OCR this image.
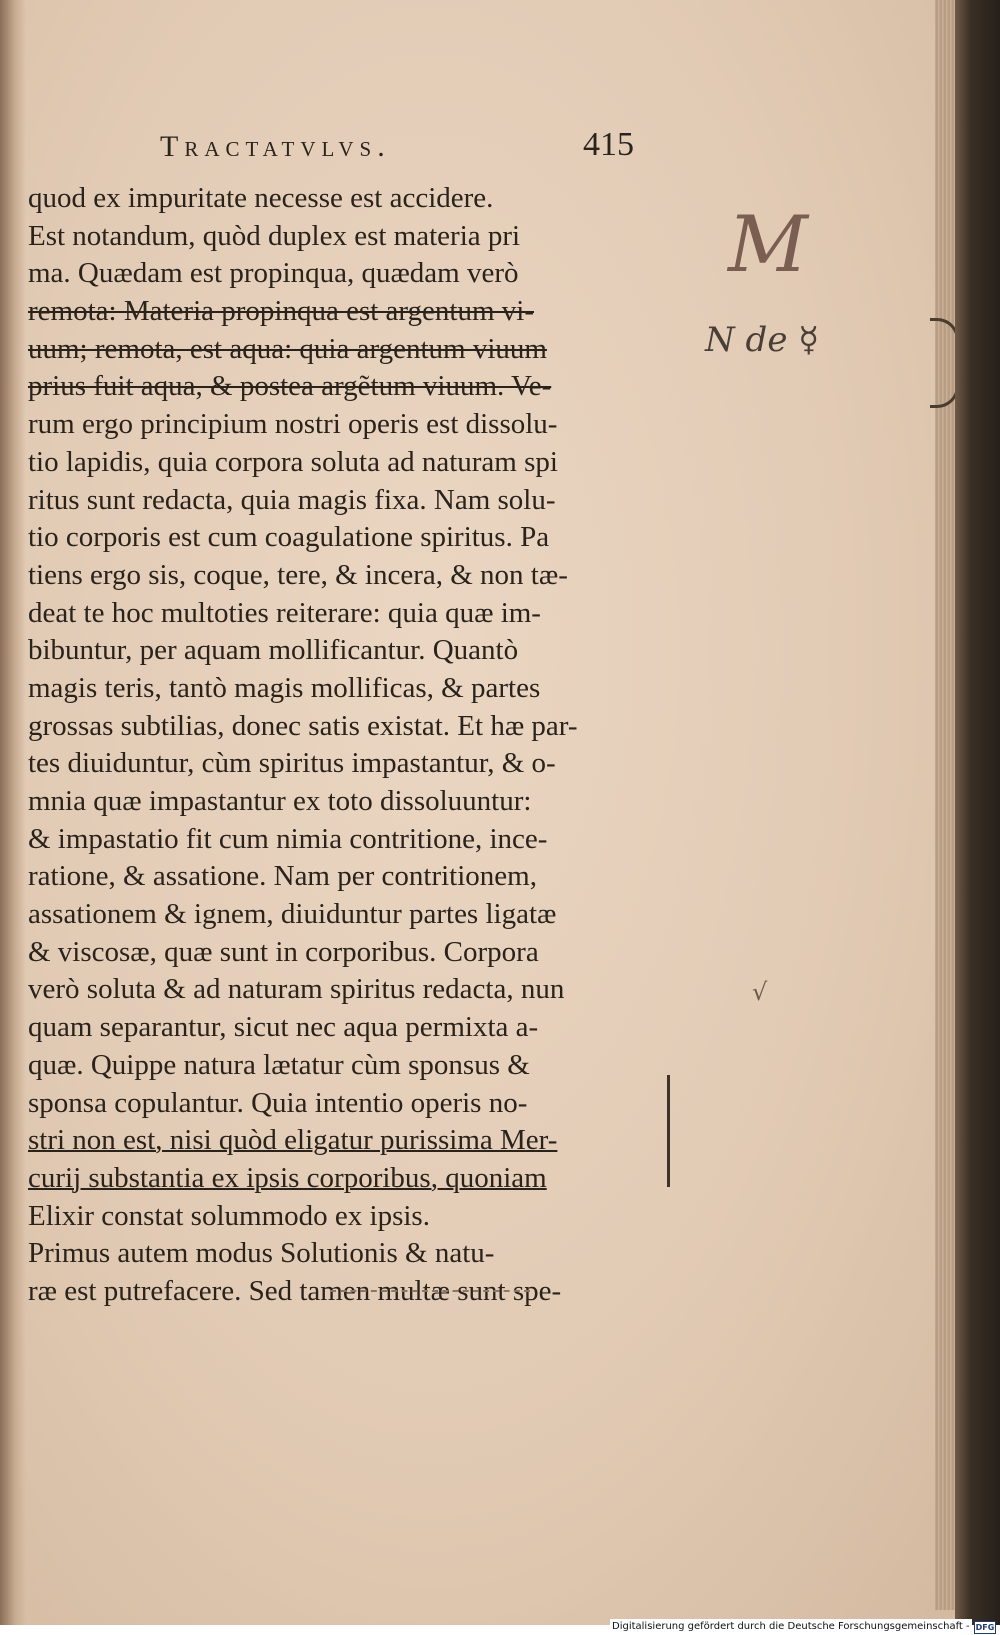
Tractatvlvs.	415
quod ex impuritate necesse est accidere.
Est notandum, quòd duplex est materia pri
ma. Quædam est propinqua, quædam verò
remota: Materia propinqua est argentum vi-
uum; remota, est aqua: quia argentum viuum
prius fuit aqua, & postea argẽtum viuum. Ve-
rum ergo principium nostri operis est dissolu-
tio lapidis, quia corpora soluta ad naturam spi
ritus sunt redacta, quia magis fixa. Nam solu-
tio corporis est cum coagulatione spiritus. Pa
tiens ergo sis, coque, tere, & incera, & non tæ-
deat te hoc multoties reiterare: quia quæ im-
bibuntur, per aquam mollificantur. Quantò
magis teris, tantò magis mollificas, & partes
grossas subtilias, donec satis existat. Et hæ par-
tes diuiduntur, cùm spiritus impastantur, & o-
mnia quæ impastantur ex toto dissoluuntur:
& impastatio fit cum nimia contritione, ince-
ratione, & assatione. Nam per contritionem,
assationem & ignem, diuiduntur partes ligatæ
& viscosæ, quæ sunt in corporibus. Corpora
verò soluta & ad naturam spiritus redacta, nun
quam separantur, sicut nec aqua permixta a-
quæ. Quippe natura lætatur cùm sponsus &
sponsa copulantur. Quia intentio operis no-
stri non est, nisi quòd eligatur purissima Mer-
curij substantia ex ipsis corporibus, quoniam
Elixir constat solummodo ex ipsis.
Primus autem modus Solutionis & natu-
ræ est putrefacere. Sed tamen multæ sunt spe-
M
N de ☿
√
Digitalisierung gefördert durch die Deutsche Forschungsgemeinschaft - DFG
